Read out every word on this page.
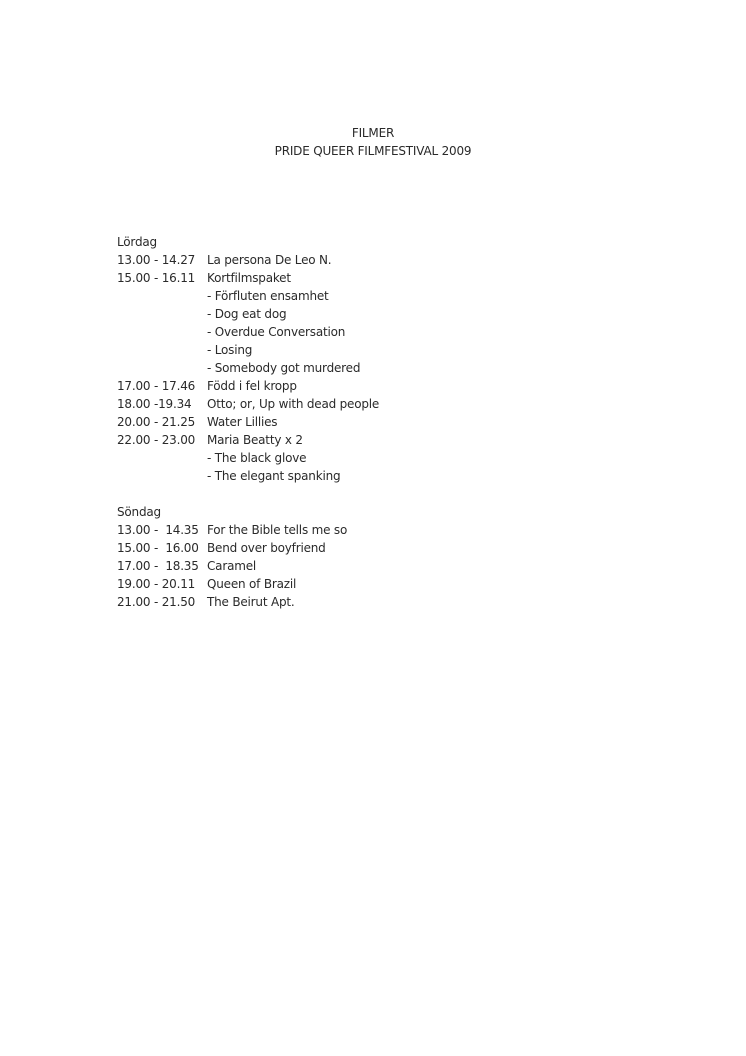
FILMER
PRIDE QUEER FILMFESTIVAL 2009
Lördag
13.00 - 14.27 La persona De Leo N.
15.00 - 16.11 Kortfilmspaket
- Förfluten ensamhet
- Dog eat dog
- Overdue Conversation
- Losing
- Somebody got murdered
17.00 - 17.46 Född i fel kropp
18.00 -19.34	Otto; or, Up with dead people
20.00 - 21.25 Water Lillies
22.00 - 23.00 Maria Beatty x 2
- The black glove
- The elegant spanking
Söndag
13.00 -  14.35 For the Bible tells me so
15.00 -  16.00 Bend over boyfriend
17.00 -  18.35 Caramel
19.00 - 20.11 Queen of Brazil
21.00 - 21.50 The Beirut Apt.
